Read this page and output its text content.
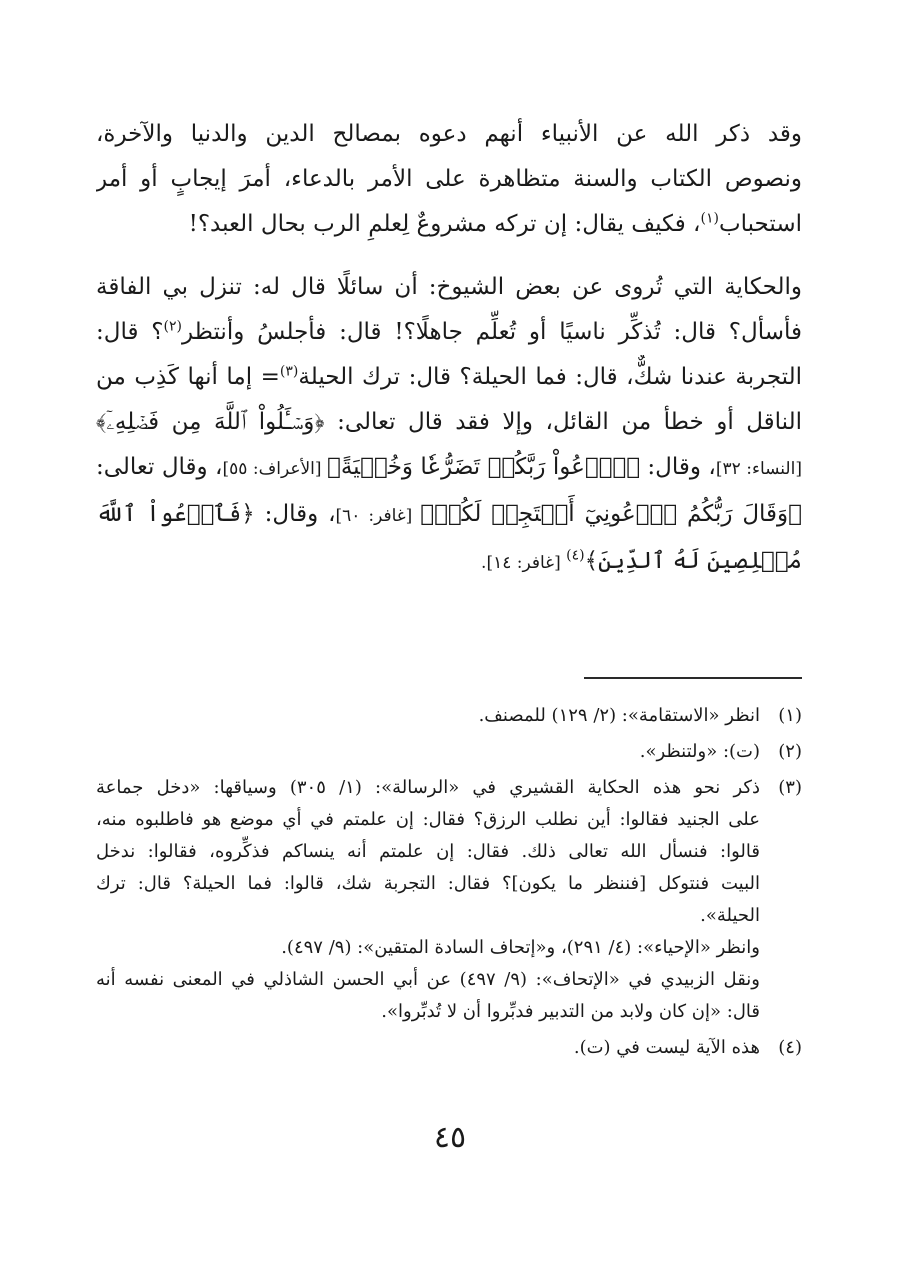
وقد ذكر الله عن الأنبياء أنهم دعوه بمصالح الدين والدنيا والآخرة،
ونصوص الكتاب والسنة متظاهرة على الأمر بالدعاء، أمرَ إيجابٍ أو أمر
استحباب$^{(١)}$، فكيف يقال: إن تركه مشروعٌ لِعلمِ الرب بحال العبد؟!

والحكاية التي تُروى عن بعض الشيوخ: أن سائلًا قال له: تنزل بي الفاقة
فأسأل؟ قال: تُذكِّر ناسيًا أو تُعلِّم جاهلًا؟! قال: فأجلسُ وأنتظر$^{(٢)}$؟ قال:
التجربة عندنا شكٌّ، قال: فما الحيلة؟ قال: ترك الحيلة$^{(٣)}$= إما أنها كَذِب من
الناقل أو خطأ من القائل، وإلا فقد قال تعالى: ﴿وَسۡـَٔلُواْ ٱللَّهَ مِن فَضۡلِهِۦٓ﴾
[النساء: ٣٢]، وقال: ﴿ٱدۡعُواْ رَبَّكُمۡ تَضَرُّعٗا وَخُفۡيَةً﴾ [الأعراف: ٥٥]، وقال تعالى:
﴿وَقَالَ رَبُّكُمُ ٱدۡعُونِيٓ أَسۡتَجِبۡ لَكُمۡ﴾ [غافر: ٦٠]، وقال: ﴿فَٱدۡعُواْ ٱللَّهَ
مُخۡلِصِينَ لَهُ ٱلدِّينَ﴾$^{(٤)}$ [غافر: ١٤].

(١)
انظر «الاستقامة»: (٢/ ١٢٩) للمصنف.
(٢)
(ت): «ولتنظر».
(٣)
ذكر نحو هذه الحكاية القشيري في «الرسالة»: (١/ ٣٠٥) وسياقها: «دخل جماعة
على الجنيد فقالوا: أين نطلب الرزق؟ فقال: إن علمتم في أي موضع هو فاطلبوه منه،
قالوا: فنسأل الله تعالى ذلك. فقال: إن علمتم أنه ينساكم فذكِّروه، فقالوا: ندخل
البيت فنتوكل [فننظر ما يكون]؟ فقال: التجربة شك، قالوا: فما الحيلة؟ قال: ترك
الحيلة».
وانظر «الإحياء»: (٤/ ٢٩١)، و«إتحاف السادة المتقين»: (٩/ ٤٩٧).
ونقل الزبيدي في «الإتحاف»: (٩/ ٤٩٧) عن أبي الحسن الشاذلي في المعنى نفسه أنه
قال: «إن كان ولابد من التدبير فدبِّروا أن لا تُدبِّروا».
(٤)
هذه الآية ليست في (ت).
٤٥
